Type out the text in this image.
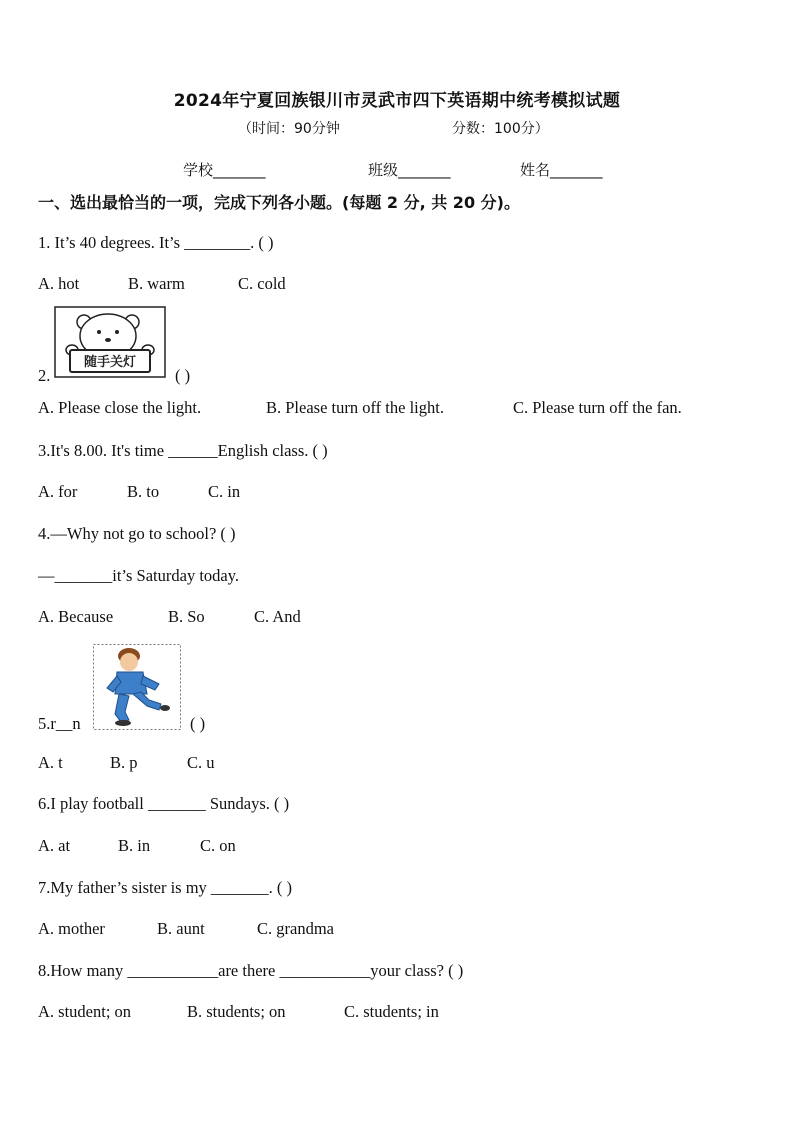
2024年宁夏回族银川市灵武市四下英语期中统考模拟试题
（时间：90分钟	分数：100分）
学校_______	班级_______	姓名_______
一、选出最恰当的一项，完成下列各小题。(每题 2 分, 共 20 分)。
1. It’s 40 degrees. It’s ________. ( )
A. hot	B. warm	C. cold
2.
随手关灯
( )
A. Please close the light.	B. Please turn off the light.	C. Please turn off the fan.
3.It's 8.00. It's time ______English class. ( )
A. for	B. to	C. in
4.—Why not go to school? ( )
—_______it’s Saturday today.
A. Because	B. So	C. And
5.r__n	( )
A. t	B. p	C. u
6.I play football _______ Sundays. ( )
A. at	B. in	C. on
7.My father’s sister is my _______. ( )
A. mother	B. aunt	C. grandma
8.How many ___________are there ___________your class? ( )
A. student; on	B. students; on	C. students; in
